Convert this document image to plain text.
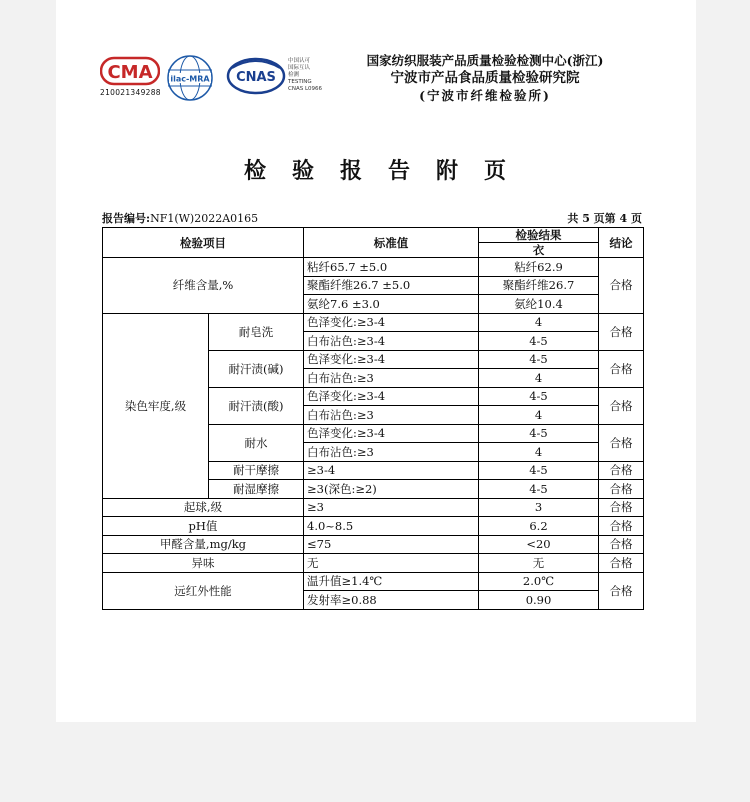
CMA
210021349288
ilac-MRA CNAS
中国认可
国际互认
检测
TESTING
CNAS L0966
国家纺织服装产品质量检验检测中心(浙江)
宁波市产品食品质量检验研究院
(宁波市纤维检验所)
检验报告附页
报告编号:NF1(W)2022A0165	共 5 页第 4 页
检验项目		标准值	检验结果	结论
			衣	
纤维含量,%		粘纤65.7 ±5.0	粘纤62.9	合格
		聚酯纤维26.7 ±5.0	聚酯纤维26.7	
		氨纶7.6 ±3.0	氨纶10.4	
染色牢度,级	耐皂洗	色泽变化:≥3-4	4	合格
		白布沾色:≥3-4	4-5	
	耐汗渍(碱)	色泽变化:≥3-4	4-5	合格
		白布沾色:≥3	4	
	耐汗渍(酸)	色泽变化:≥3-4	4-5	合格
		白布沾色:≥3	4	
	耐水	色泽变化:≥3-4	4-5	合格
		白布沾色:≥3	4	
	耐干摩擦	≥3-4	4-5	合格
	耐湿摩擦	≥3(深色:≥2)	4-5	合格
起球,级		≥3	3	合格
pH值		4.0~8.5	6.2	合格
甲醛含量,mg/kg		≤75	<20	合格
异味		无	无	合格
远红外性能		温升值≥1.4℃	2.0℃	合格
		发射率≥0.88	0.90	
